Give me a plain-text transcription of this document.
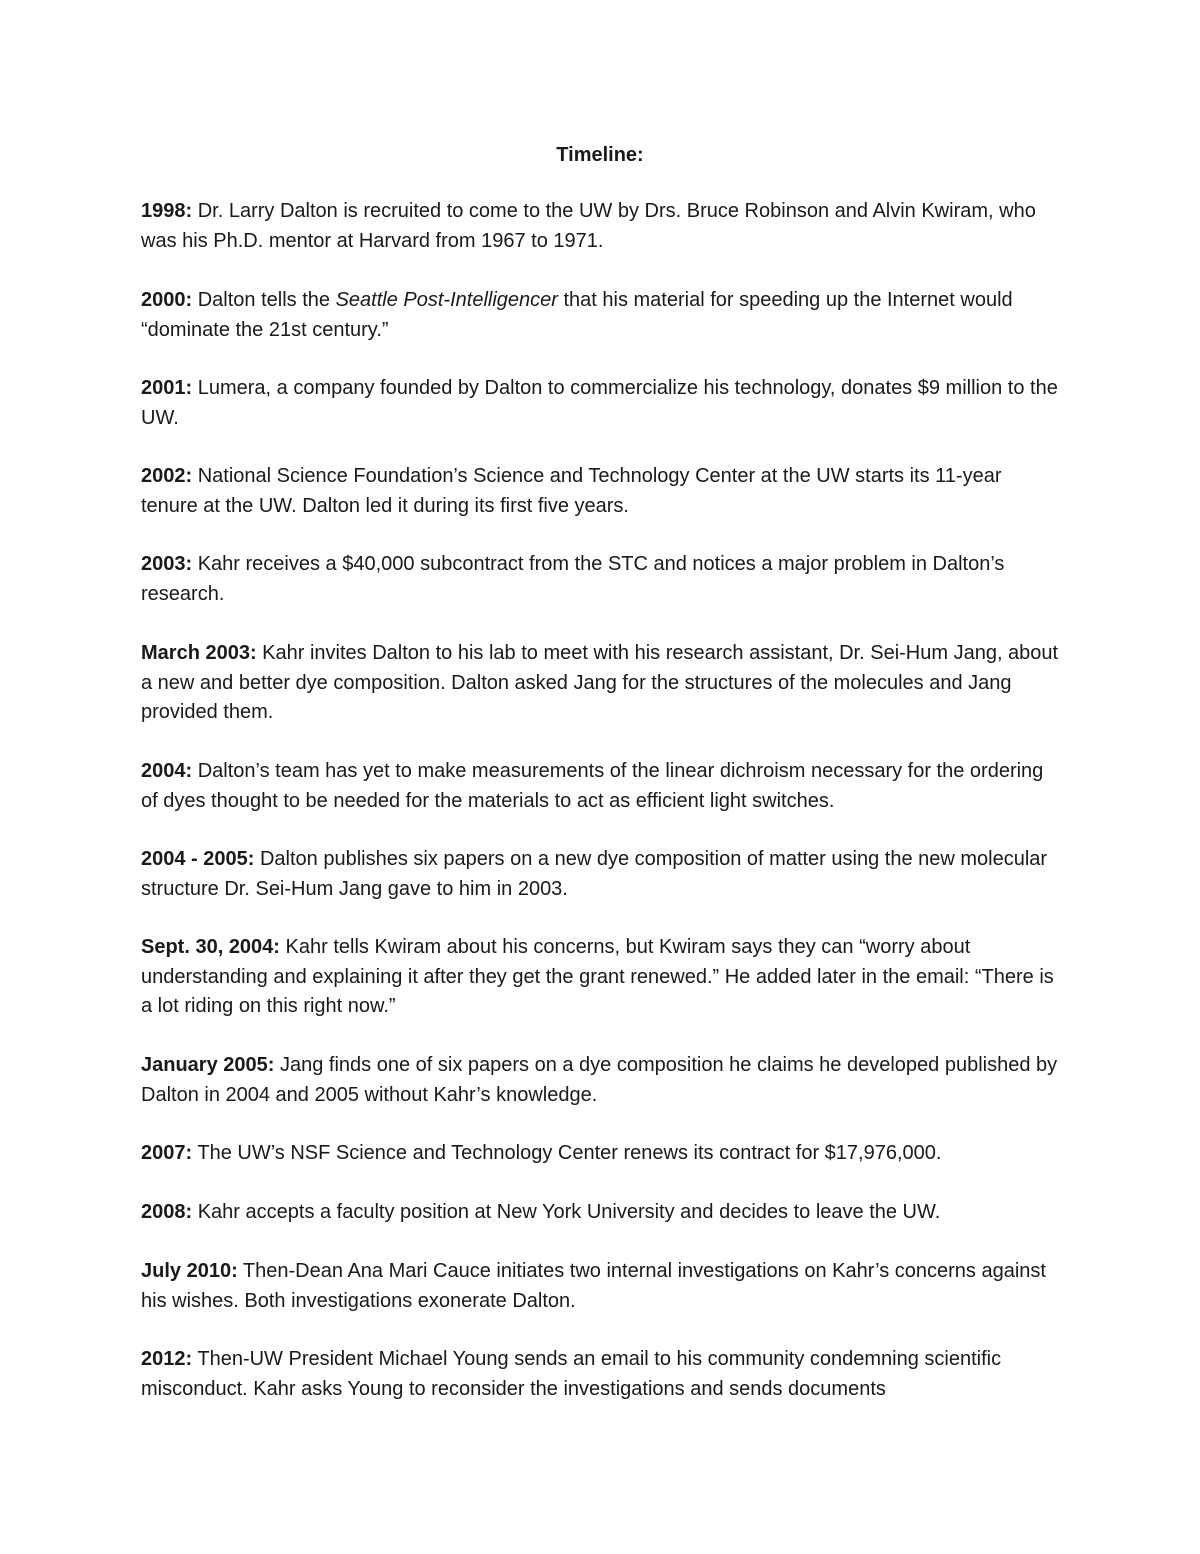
Timeline:

1998: Dr. Larry Dalton is recruited to come to the UW by Drs. Bruce Robinson and Alvin Kwiram, who was his Ph.D. mentor at Harvard from 1967 to 1971.

2000: Dalton tells the Seattle Post-Intelligencer that his material for speeding up the Internet would “dominate the 21st century.”

2001: Lumera, a company founded by Dalton to commercialize his technology, donates $9 million to the UW.

2002: National Science Foundation’s Science and Technology Center at the UW starts its 11-year tenure at the UW. Dalton led it during its first five years.

2003: Kahr receives a $40,000 subcontract from the STC and notices a major problem in Dalton’s research.

March 2003: Kahr invites Dalton to his lab to meet with his research assistant, Dr. Sei-Hum Jang, about a new and better dye composition. Dalton asked Jang for the structures of the molecules and Jang provided them.

2004: Dalton’s team has yet to make measurements of the linear dichroism necessary for the ordering of dyes thought to be needed for the materials to act as efficient light switches.

2004 - 2005: Dalton publishes six papers on a new dye composition of matter using the new molecular structure Dr. Sei-Hum Jang gave to him in 2003.

Sept. 30, 2004: Kahr tells Kwiram about his concerns, but Kwiram says they can “worry about understanding and explaining it after they get the grant renewed.” He added later in the email: “There is a lot riding on this right now.”

January 2005: Jang finds one of six papers on a dye composition he claims he developed published by Dalton in 2004 and 2005 without Kahr’s knowledge.

2007: The UW’s NSF Science and Technology Center renews its contract for $17,976,000.

2008: Kahr accepts a faculty position at New York University and decides to leave the UW.

July 2010: Then-Dean Ana Mari Cauce initiates two internal investigations on Kahr’s concerns against his wishes. Both investigations exonerate Dalton.

2012: Then-UW President Michael Young sends an email to his community condemning scientific misconduct. Kahr asks Young to reconsider the investigations and sends documents
